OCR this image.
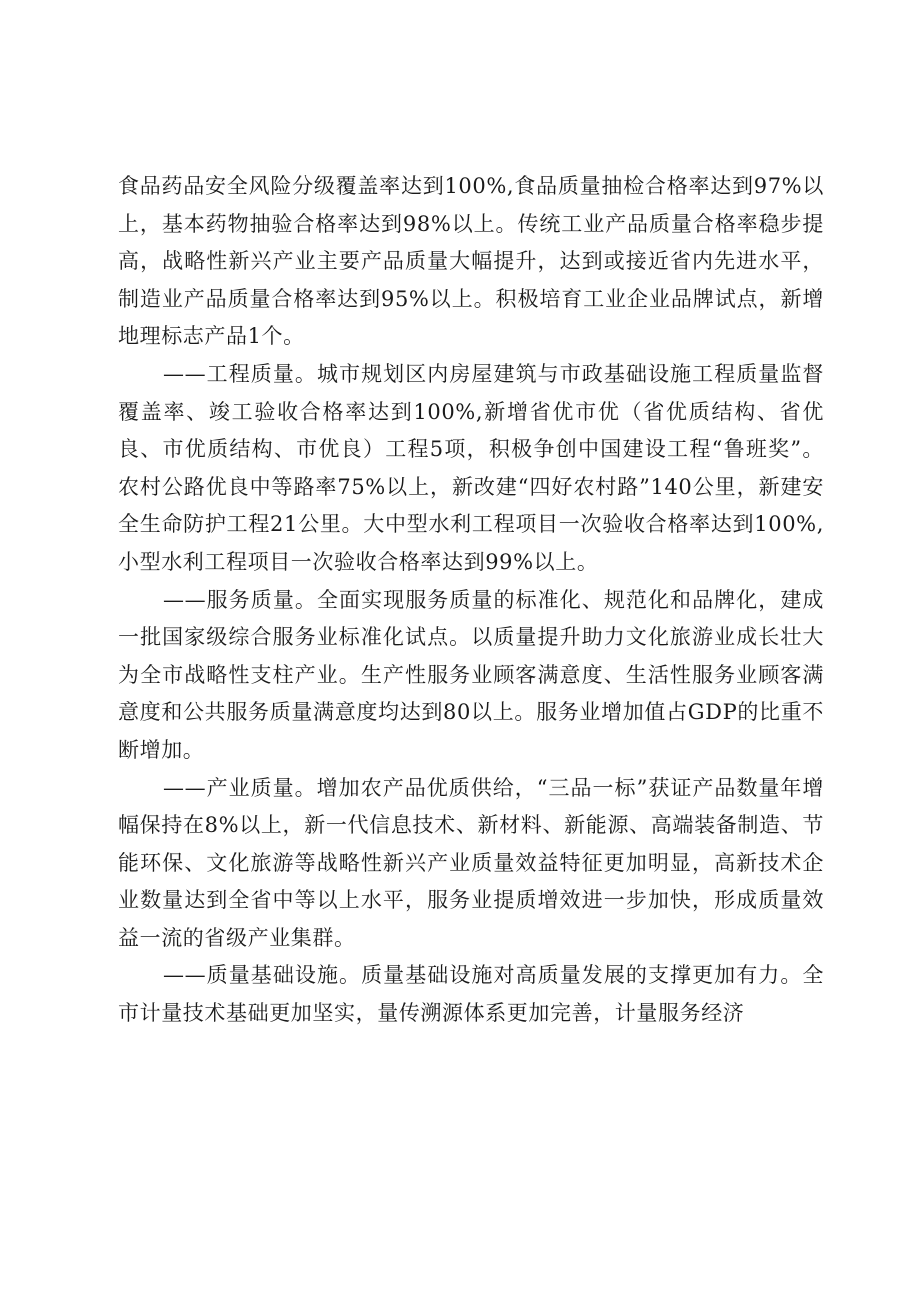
食品药品安全风险分级覆盖率达到100%,食品质量抽检合格率达到97%以上，基本药物抽验合格率达到98%以上。传统工业产品质量合格率稳步提高，战略性新兴产业主要产品质量大幅提升，达到或接近省内先进水平，制造业产品质量合格率达到95%以上。积极培育工业企业品牌试点，新增地理标志产品1个。

——工程质量。城市规划区内房屋建筑与市政基础设施工程质量监督覆盖率、竣工验收合格率达到100%,新增省优市优（省优质结构、省优良、市优质结构、市优良）工程5项，积极争创中国建设工程“鲁班奖”。农村公路优良中等路率75%以上，新改建“四好农村路”140公里，新建安全生命防护工程21公里。大中型水利工程项目一次验收合格率达到100%,小型水利工程项目一次验收合格率达到99%以上。

——服务质量。全面实现服务质量的标准化、规范化和品牌化，建成一批国家级综合服务业标准化试点。以质量提升助力文化旅游业成长壮大为全市战略性支柱产业。生产性服务业顾客满意度、生活性服务业顾客满意度和公共服务质量满意度均达到80以上。服务业增加值占GDP的比重不断增加。

——产业质量。增加农产品优质供给，“三品一标”获证产品数量年增幅保持在8%以上，新一代信息技术、新材料、新能源、高端装备制造、节能环保、文化旅游等战略性新兴产业质量效益特征更加明显，高新技术企业数量达到全省中等以上水平，服务业提质增效进一步加快，形成质量效益一流的省级产业集群。

——质量基础设施。质量基础设施对高质量发展的支撑更加有力。全市计量技术基础更加坚实，量传溯源体系更加完善，计量服务经济
